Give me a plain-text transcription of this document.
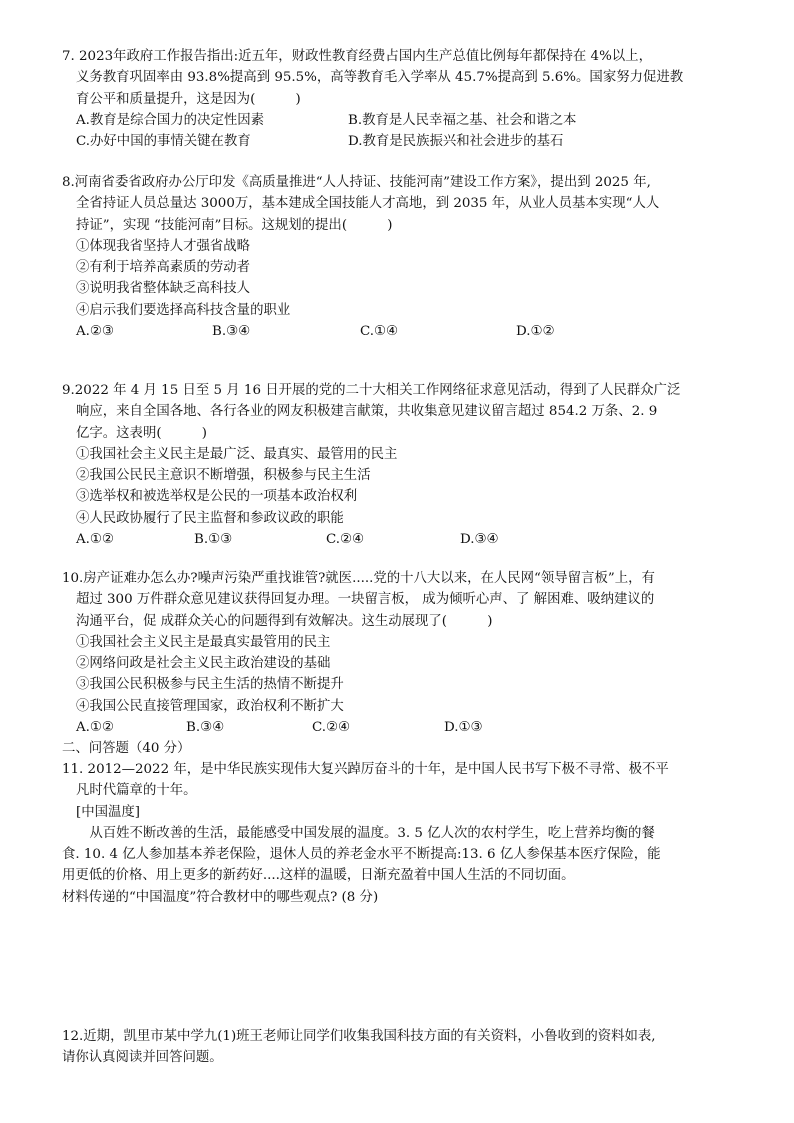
7. 2023年政府工作报告指出:近五年，财政性教育经费占国内生产总值比例每年都保持在 4%以上，
义务教育巩固率由 93.8%提高到 95.5%，高等教育毛入学率从 45.7%提高到 5.6%。国家努力促进教
育公平和质量提升，这是因为(　　　)
A.教育是综合国力的决定性因素	B.教育是人民幸福之基、社会和谐之本
C.办好中国的事情关键在教育	D.教育是民族振兴和社会进步的基石
8.河南省委省政府办公厅印发《高质量推进“人人持证、技能河南”建设工作方案》，提出到 2025 年,
全省持证人员总量达 3000万，基本建成全国技能人才高地，到 2035 年，从业人员基本实现“人人
持证”，实现 “技能河南”目标。这规划的提出(　　　)
①体现我省坚持人才强省战略
②有利于培养高素质的劳动者
③说明我省整体缺乏高科技人
④启示我们要选择高科技含量的职业
A.②③	B.③④	C.①④	D.①②
9.2022 年 4 月 15 日至 5 月 16 日开展的党的二十大相关工作网络征求意见活动，得到了人民群众广泛
响应，来自全国各地、各行各业的网友积极建言献策，共收集意见建议留言超过 854.2 万条、2. 9
亿字。这表明(　　　)
①我国社会主义民主是最广泛、最真实、最管用的民主
②我国公民民主意识不断增强，积极参与民主生活
③选举权和被选举权是公民的一项基本政治权利
④人民政协履行了民主监督和参政议政的职能
A.①②	B.①③	C.②④	D.③④
10.房产证难办怎么办?噪声污染严重找谁管?就医.....党的十八大以来，在人民网“领导留言板”上，有
超过 300 万件群众意见建议获得回复办理。一块留言板， 成为倾听心声、了 解困难、吸纳建议的
沟通平台，促 成群众关心的问题得到有效解决。这生动展现了(　　　)
①我国社会主义民主是最真实最管用的民主
②网络问政是社会主义民主政治建设的基础
③我国公民积极参与民主生活的热情不断提升
④我国公民直接管理国家，政治权利不断扩大
A.①②	B.③④	C.②④	D.①③
二、问答题（40 分）
11. 2012—2022 年，是中华民族实现伟大复兴踔厉奋斗的十年，是中国人民书写下极不寻常、极不平
凡时代篇章的十年。
[中国温度]
　从百姓不断改善的生活，最能感受中国发展的温度。3. 5 亿人次的农村学生，吃上营养均衡的餐
食. 10. 4 亿人参加基本养老保险，退休人员的养老金水平不断提高:13. 6 亿人参保基本医疗保险，能
用更低的价格、用上更多的新药好....这样的温暖，日渐充盈着中国人生活的不同切面。
材料传递的“中国温度”符合教材中的哪些观点? (8 分)
12.近期，凯里市某中学九(1)班王老师让同学们收集我国科技方面的有关资料，小鲁收到的资料如表,
请你认真阅读并回答问题。
